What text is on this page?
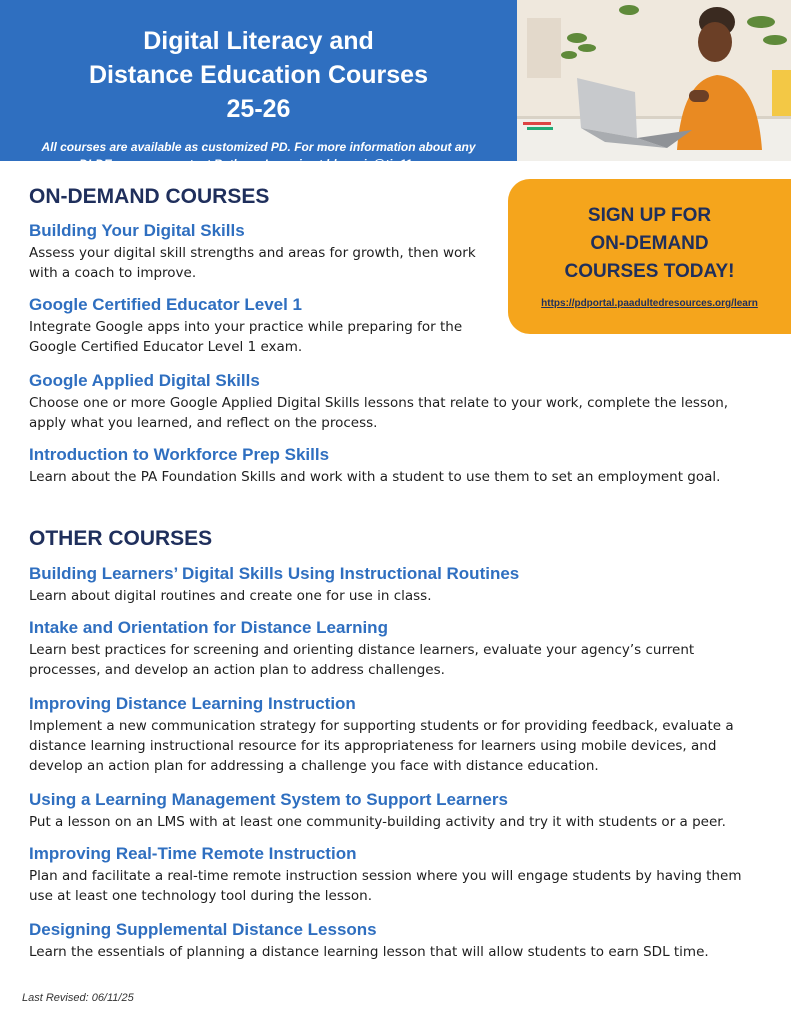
Digital Literacy and Distance Education Courses 25-26
All courses are available as customized PD. For more information about any DLDE courses, contact Bethany Lezanic at blezanic@tiu11.org.
SIGN UP FOR
ON-DEMAND
COURSES TODAY!
https://pdportal.paadultedresources.org/learn
ON-DEMAND COURSES
Building Your Digital Skills
Assess your digital skill strengths and areas for growth, then work with a coach to improve.
Google Certified Educator Level 1
Integrate Google apps into your practice while preparing for the Google Certified Educator Level 1 exam.
Google Applied Digital Skills
Choose one or more Google Applied Digital Skills lessons that relate to your work, complete the lesson, apply what you learned, and reflect on the process.
Introduction to Workforce Prep Skills
Learn about the PA Foundation Skills and work with a student to use them to set an employment goal.
OTHER COURSES
Building Learners’ Digital Skills Using Instructional Routines
Learn about digital routines and create one for use in class.
Intake and Orientation for Distance Learning
Learn best practices for screening and orienting distance learners, evaluate your agency’s current processes, and develop an action plan to address challenges.
Improving Distance Learning Instruction
Implement a new communication strategy for supporting students or for providing feedback, evaluate a distance learning instructional resource for its appropriateness for learners using mobile devices, and develop an action plan for addressing a challenge you face with distance education.
Using a Learning Management System to Support Learners
Put a lesson on an LMS with at least one community-building activity and try it with students or a peer.
Improving Real-Time Remote Instruction
Plan and facilitate a real-time remote instruction session where you will engage students by having them use at least one technology tool during the lesson.
Designing Supplemental Distance Lessons
Learn the essentials of planning a distance learning lesson that will allow students to earn SDL time.
Last Revised: 06/11/25
